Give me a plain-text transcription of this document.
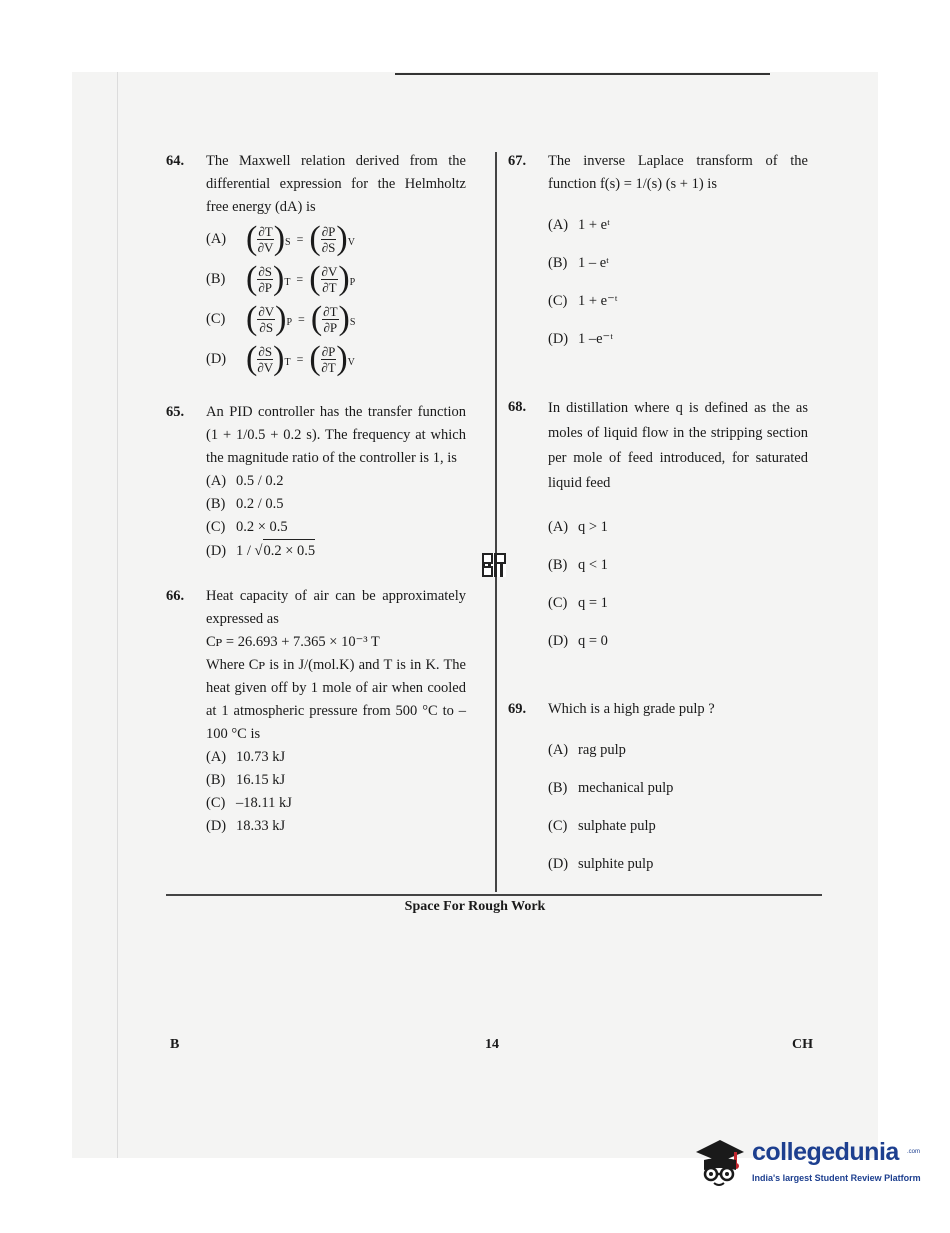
64. The Maxwell relation derived from the differential expression for the Helmholtz free energy (dA) is
(A) ( $\frac{\partial T}{\partial V}$ ) S = ( $\frac{\partial P}{\partial S}$ ) V
(B) ( $\frac{\partial S}{\partial P}$ ) T = ( $\frac{\partial V}{\partial T}$ ) P
(C) ( $\frac{\partial V}{\partial S}$ ) P = ( $\frac{\partial T}{\partial P}$ ) S
(D) ( $\frac{\partial S}{\partial V}$ ) T = ( $\frac{\partial P}{\partial T}$ ) V
65. An PID controller has the transfer function (1 + 1/0.5 + 0.2 s). The frequency at which the magnitude ratio of the controller is 1, is
(A) 0.5 / 0.2
(B) 0.2 / 0.5
(C) 0.2 × 0.5
(D) 1 / √ 0.2 × 0.5
66. Heat capacity of air can be approximately expressed as
Cᴘ = 26.693 + 7.365 × 10⁻³ T
Where Cᴘ is in J/(mol.K) and T is in K. The heat given off by 1 mole of air when cooled at 1 atmospheric pressure from 500 °C to – 100 °C is
(A) 10.73 kJ
(B) 16.15 kJ
(C) –18.11 kJ
(D) 18.33 kJ
67. The inverse Laplace transform of the function f(s) = 1/(s) (s + 1) is
(A) 1 + eᵗ
(B) 1 – eᵗ
(C) 1 + e⁻ᵗ
(D) 1 –e⁻ᵗ
68. In distillation where q is defined as the as moles of liquid flow in the stripping section per mole of feed introduced, for saturated liquid feed
(A) q > 1
(B) q < 1
(C) q = 1
(D) q = 0
69. Which is a high grade pulp ?
(A) rag pulp
(B) mechanical pulp
(C) sulphate pulp
(D) sulphite pulp
Space For Rough Work
B	14	CH
collegedunia .com
India's largest Student Review Platform
